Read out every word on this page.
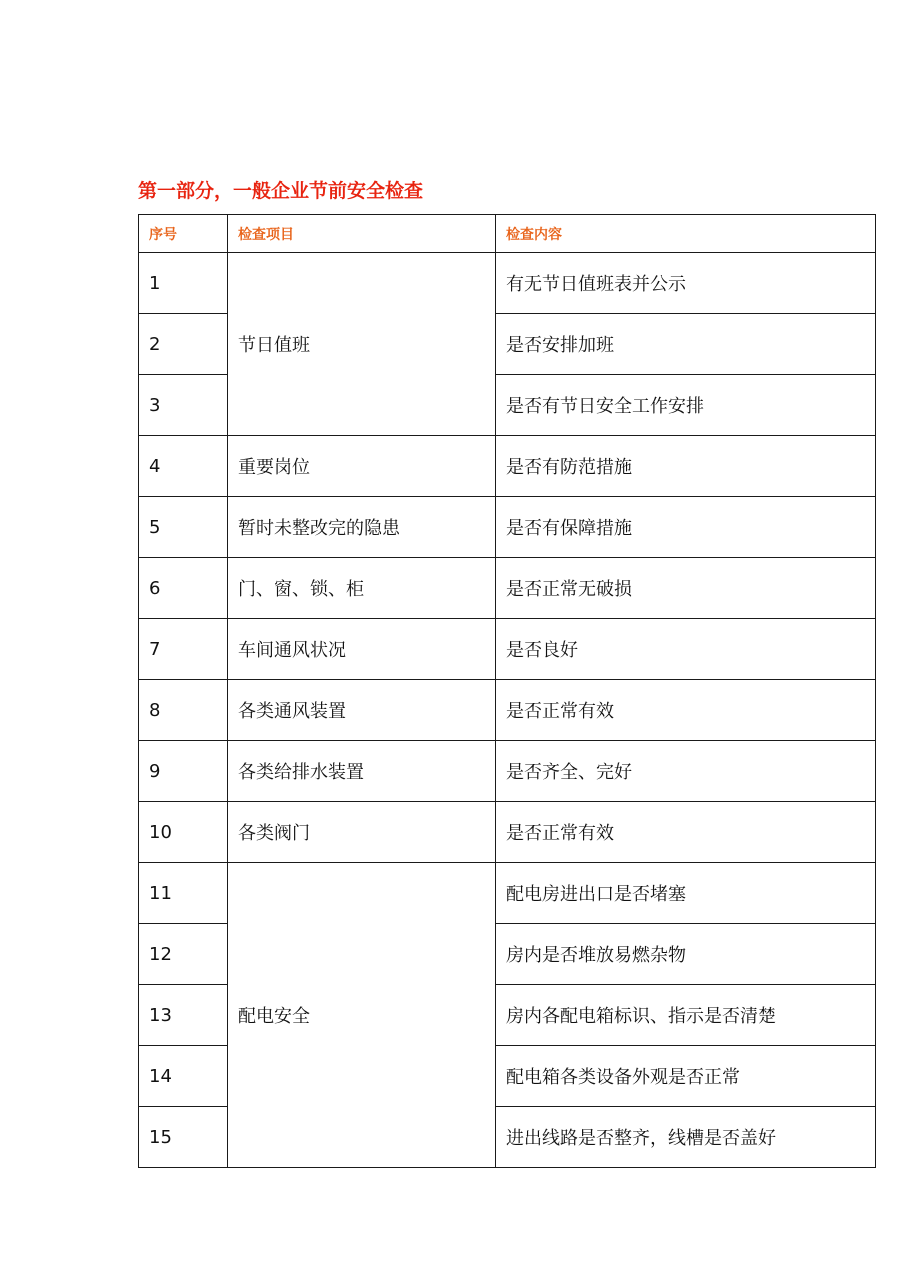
第一部分，一般企业节前安全检查
序号	检查项目	检查内容
1	节日值班	有无节日值班表并公示
2		是否安排加班
3		是否有节日安全工作安排
4	重要岗位	是否有防范措施
5	暂时未整改完的隐患	是否有保障措施
6	门、窗、锁、柜	是否正常无破损
7	车间通风状况	是否良好
8	各类通风装置	是否正常有效
9	各类给排水装置	是否齐全、完好
10	各类阀门	是否正常有效
11	配电安全	配电房进出口是否堵塞
12		房内是否堆放易燃杂物
13		房内各配电箱标识、指示是否清楚
14		配电箱各类设备外观是否正常
15		进出线路是否整齐，线槽是否盖好
